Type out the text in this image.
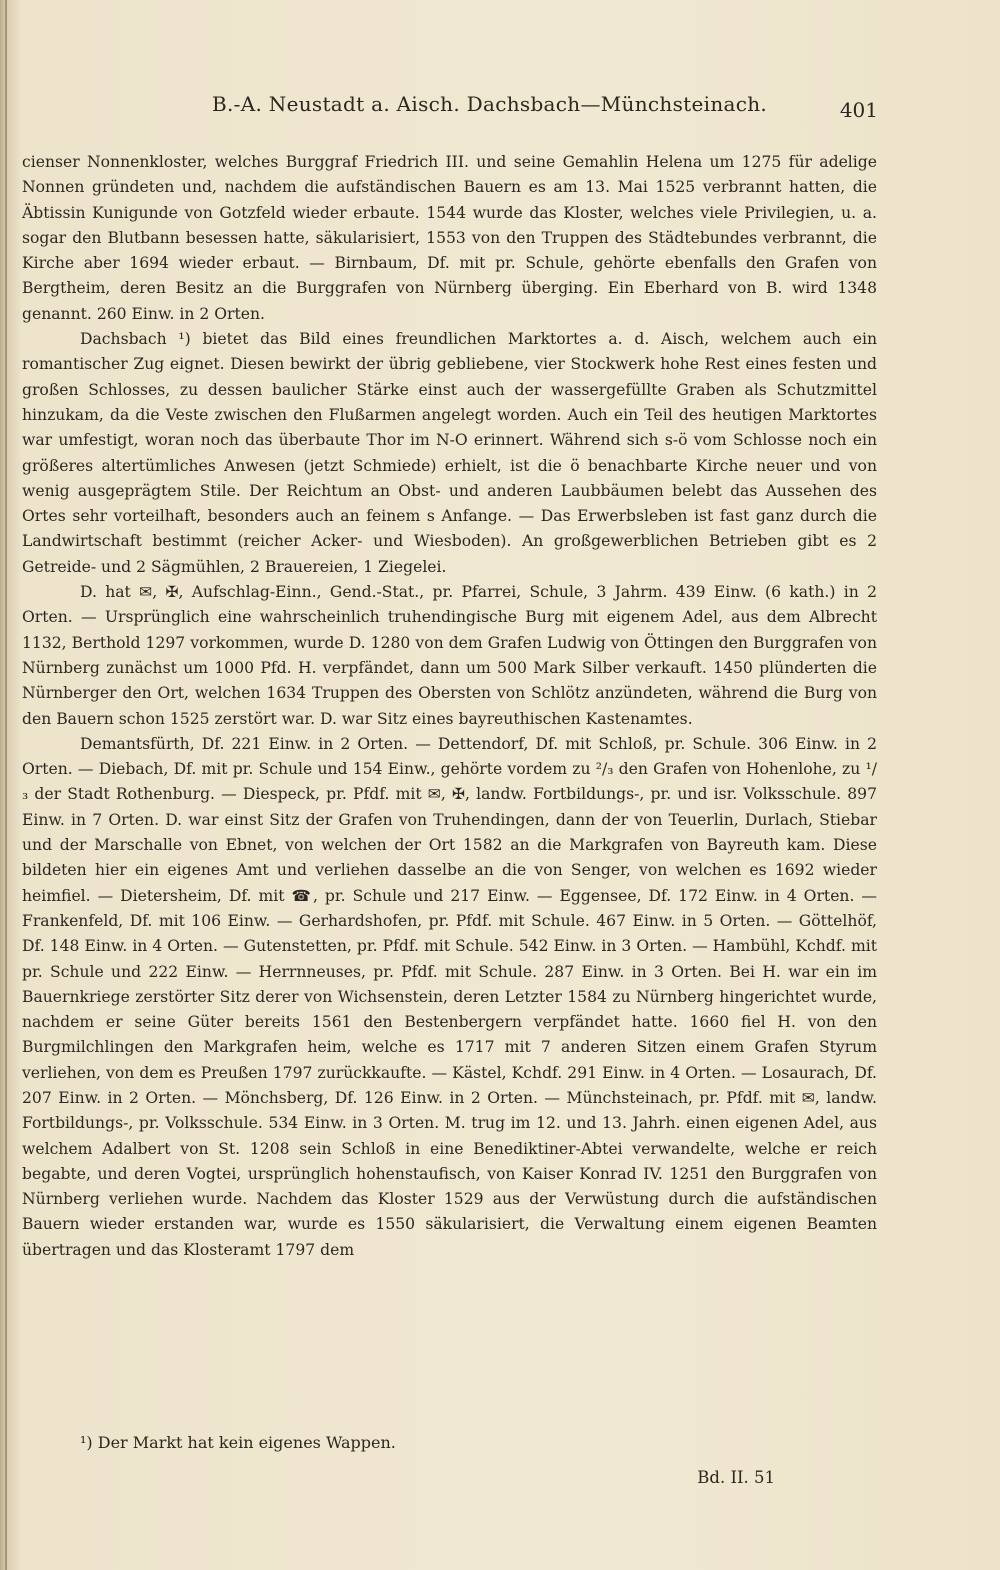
B.-A. Neustadt a. Aisch. Dachsbach—Münchsteinach.	401

cienser Nonnenkloster, welches Burggraf Friedrich III. und seine Gemahlin Helena um 1275 für adelige Nonnen gründeten und, nachdem die aufständischen Bauern es am 13. Mai 1525 verbrannt hatten, die Äbtissin Kunigunde von Gotzfeld wieder erbaute. 1544 wurde das Kloster, welches viele Privilegien, u. a. sogar den Blutbann besessen hatte, säkularisiert, 1553 von den Truppen des Städtebundes verbrannt, die Kirche aber 1694 wieder erbaut. — Birnbaum, Df. mit pr. Schule, gehörte ebenfalls den Grafen von Bergtheim, deren Besitz an die Burggrafen von Nürnberg überging. Ein Eberhard von B. wird 1348 genannt. 260 Einw. in 2 Orten.

Dachsbach ¹) bietet das Bild eines freundlichen Marktortes a. d. Aisch, welchem auch ein romantischer Zug eignet. Diesen bewirkt der übrig gebliebene, vier Stockwerk hohe Rest eines festen und großen Schlosses, zu dessen baulicher Stärke einst auch der wassergefüllte Graben als Schutzmittel hinzukam, da die Veste zwischen den Flußarmen angelegt worden. Auch ein Teil des heutigen Marktortes war umfestigt, woran noch das überbaute Thor im N-O erinnert. Während sich s-ö vom Schlosse noch ein größeres altertümliches Anwesen (jetzt Schmiede) erhielt, ist die ö benachbarte Kirche neuer und von wenig ausgeprägtem Stile. Der Reichtum an Obst- und anderen Laubbäumen belebt das Aussehen des Ortes sehr vorteilhaft, besonders auch an feinem s Anfange. — Das Erwerbsleben ist fast ganz durch die Landwirtschaft bestimmt (reicher Acker- und Wiesboden). An großgewerblichen Betrieben gibt es 2 Getreide- und 2 Sägmühlen, 2 Brauereien, 1 Ziegelei.

D. hat ✉, ✠, Aufschlag-Einn., Gend.-Stat., pr. Pfarrei, Schule, 3 Jahrm. 439 Einw. (6 kath.) in 2 Orten. — Ursprünglich eine wahrscheinlich truhendingische Burg mit eigenem Adel, aus dem Albrecht 1132, Berthold 1297 vorkommen, wurde D. 1280 von dem Grafen Ludwig von Öttingen den Burggrafen von Nürnberg zunächst um 1000 Pfd. H. verpfändet, dann um 500 Mark Silber verkauft. 1450 plünderten die Nürnberger den Ort, welchen 1634 Truppen des Obersten von Schlötz anzündeten, während die Burg von den Bauern schon 1525 zerstört war. D. war Sitz eines bayreuthischen Kastenamtes.

Demantsfürth, Df. 221 Einw. in 2 Orten. — Dettendorf, Df. mit Schloß, pr. Schule. 306 Einw. in 2 Orten. — Diebach, Df. mit pr. Schule und 154 Einw., gehörte vordem zu ²/₃ den Grafen von Hohenlohe, zu ¹/₃ der Stadt Rothenburg. — Diespeck, pr. Pfdf. mit ✉, ✠, landw. Fortbildungs-, pr. und isr. Volksschule. 897 Einw. in 7 Orten. D. war einst Sitz der Grafen von Truhendingen, dann der von Teuerlin, Durlach, Stiebar und der Marschalle von Ebnet, von welchen der Ort 1582 an die Markgrafen von Bayreuth kam. Diese bildeten hier ein eigenes Amt und verliehen dasselbe an die von Senger, von welchen es 1692 wieder heimfiel. — Dietersheim, Df. mit ☎, pr. Schule und 217 Einw. — Eggensee, Df. 172 Einw. in 4 Orten. — Frankenfeld, Df. mit 106 Einw. — Gerhardshofen, pr. Pfdf. mit Schule. 467 Einw. in 5 Orten. — Göttelhöf, Df. 148 Einw. in 4 Orten. — Gutenstetten, pr. Pfdf. mit Schule. 542 Einw. in 3 Orten. — Hambühl, Kchdf. mit pr. Schule und 222 Einw. — Herrnneuses, pr. Pfdf. mit Schule. 287 Einw. in 3 Orten. Bei H. war ein im Bauernkriege zerstörter Sitz derer von Wichsenstein, deren Letzter 1584 zu Nürnberg hingerichtet wurde, nachdem er seine Güter bereits 1561 den Bestenbergern verpfändet hatte. 1660 fiel H. von den Burgmilchlingen den Markgrafen heim, welche es 1717 mit 7 anderen Sitzen einem Grafen Styrum verliehen, von dem es Preußen 1797 zurückkaufte. — Kästel, Kchdf. 291 Einw. in 4 Orten. — Losaurach, Df. 207 Einw. in 2 Orten. — Mönchsberg, Df. 126 Einw. in 2 Orten. — Münchsteinach, pr. Pfdf. mit ✉, landw. Fortbildungs-, pr. Volksschule. 534 Einw. in 3 Orten. M. trug im 12. und 13. Jahrh. einen eigenen Adel, aus welchem Adalbert von St. 1208 sein Schloß in eine Benediktiner-Abtei verwandelte, welche er reich begabte, und deren Vogtei, ursprünglich hohenstaufisch, von Kaiser Konrad IV. 1251 den Burggrafen von Nürnberg verliehen wurde. Nachdem das Kloster 1529 aus der Verwüstung durch die aufständischen Bauern wieder erstanden war, wurde es 1550 säkularisiert, die Verwaltung einem eigenen Beamten übertragen und das Klosteramt 1797 dem

¹) Der Markt hat kein eigenes Wappen.
Bd. II. 51
